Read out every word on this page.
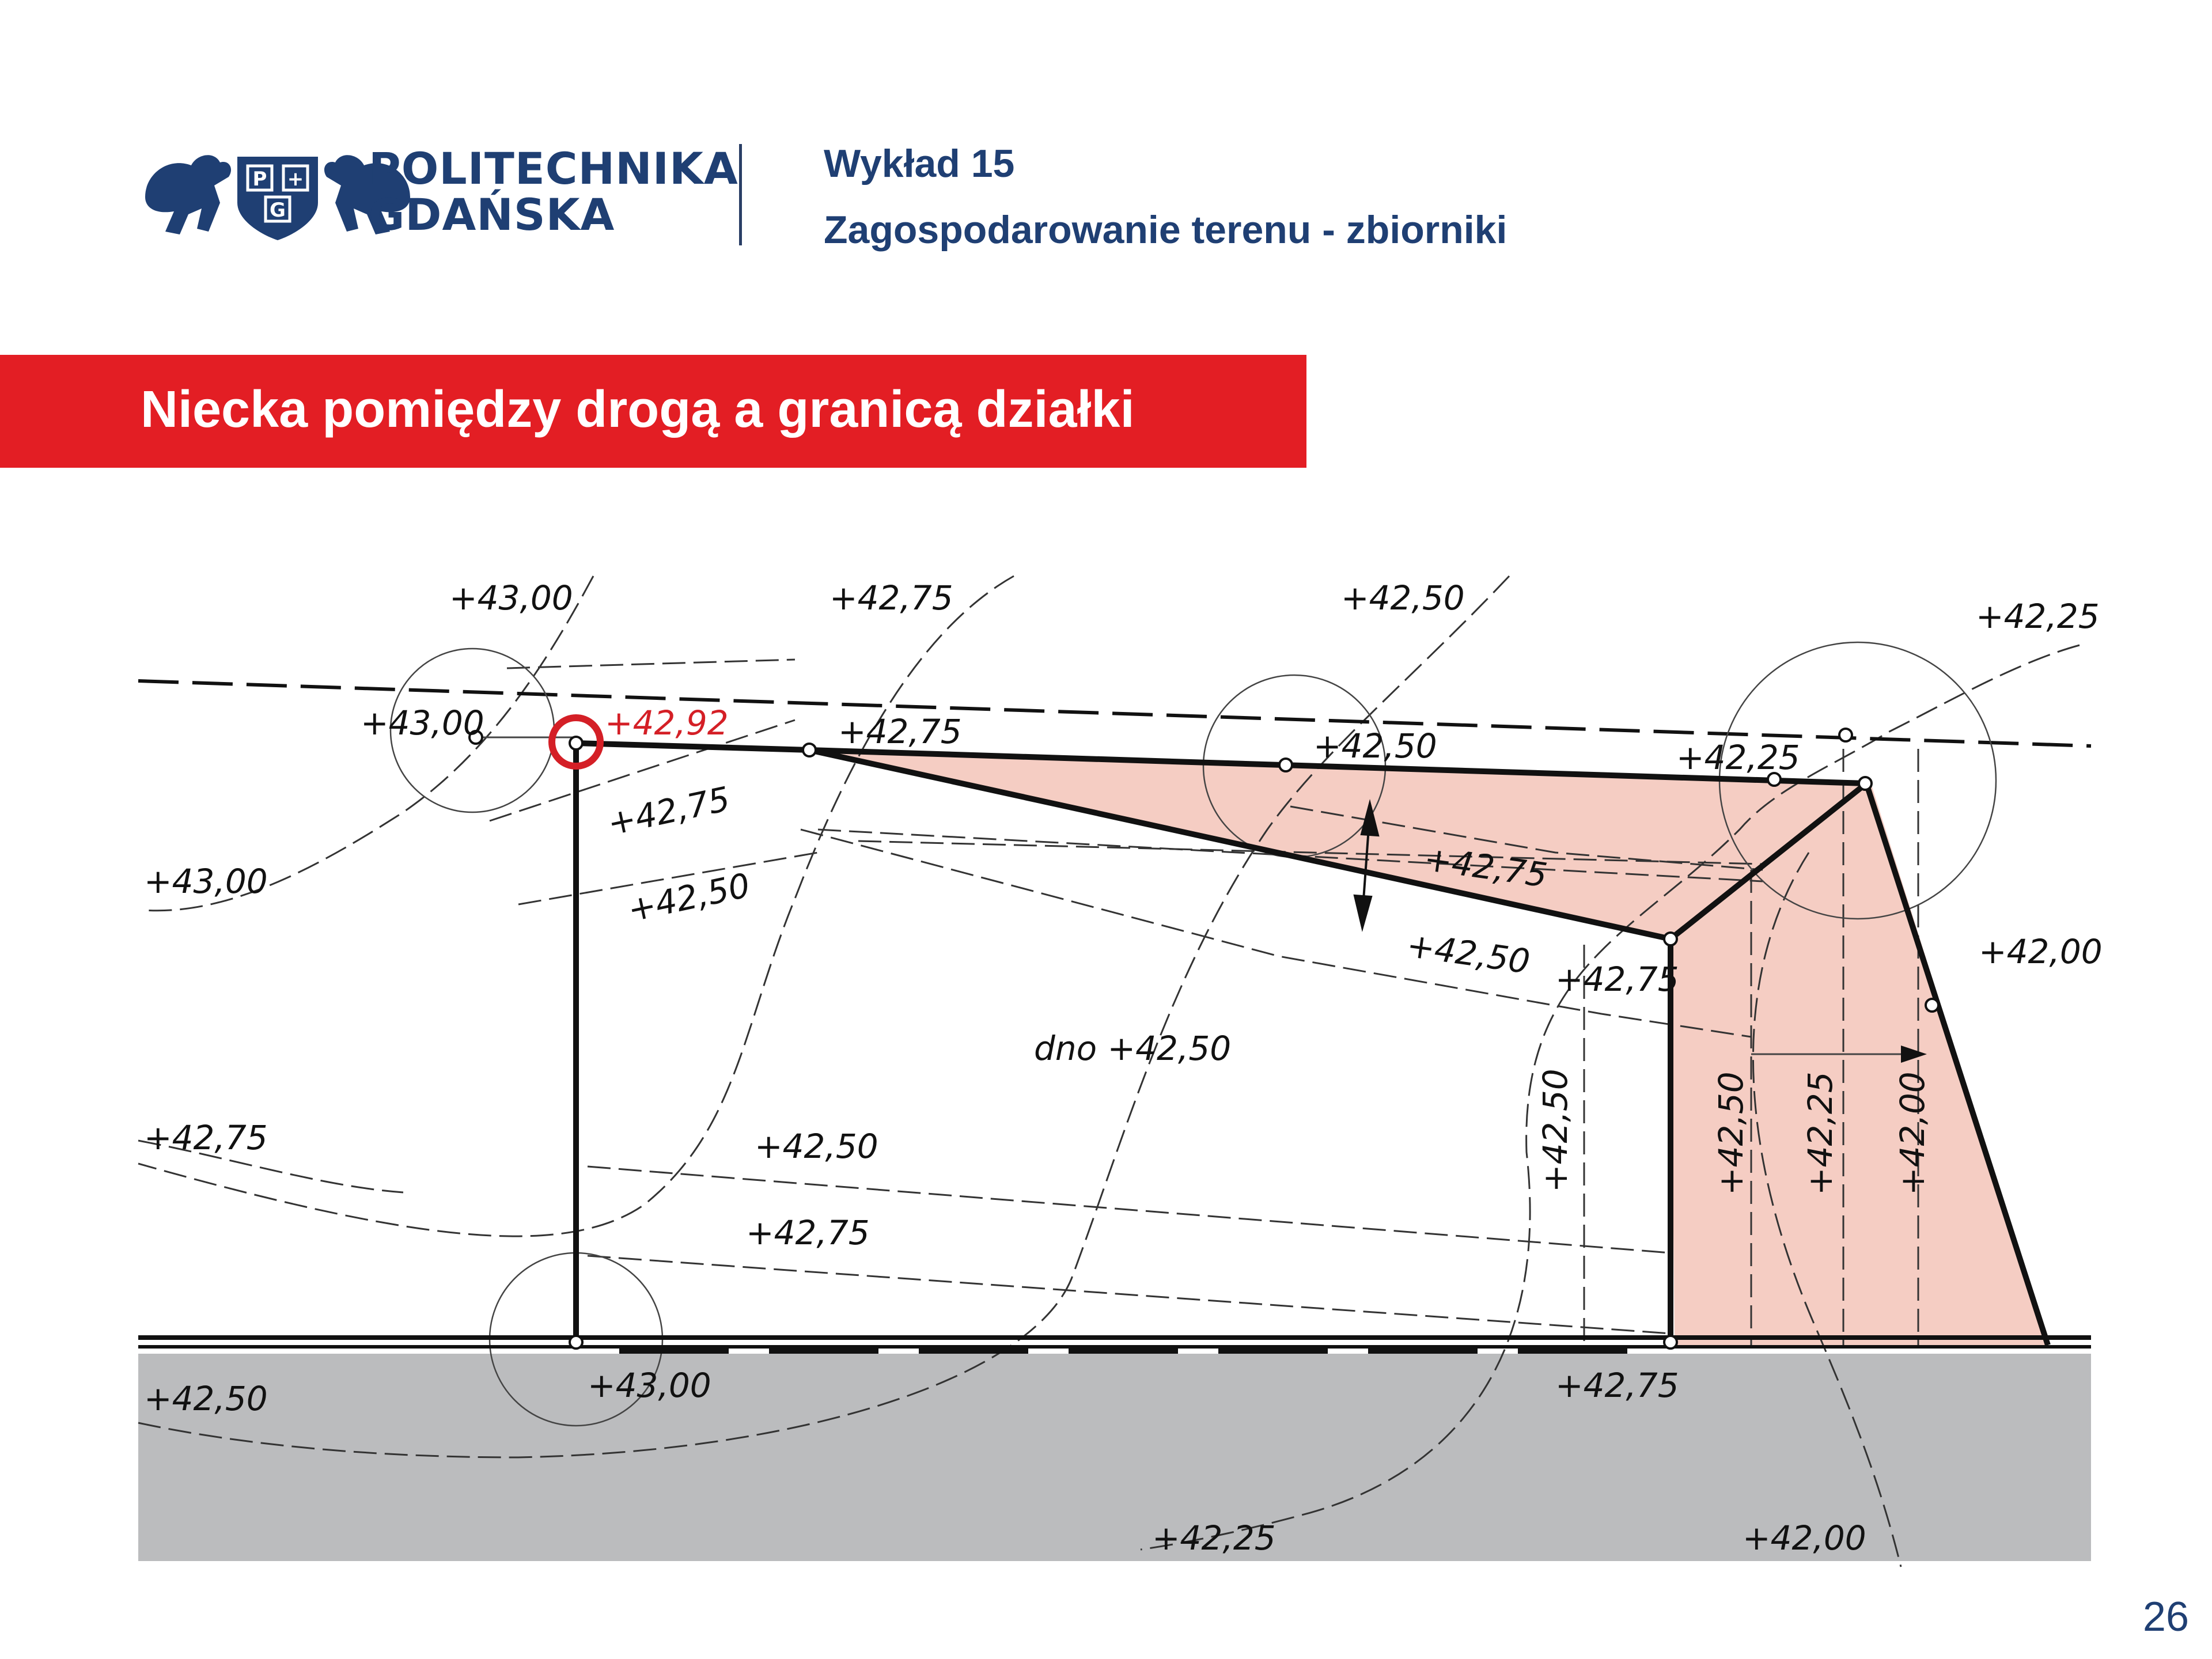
P
G
+ POLITECHNIKA
GDAŃSKA
Wykład 15
Zagospodarowanie terenu - zbiorniki
Niecka pomiędzy drogą a granicą działki
+43,00	+42,75	+42,50	+42,25
+43,00	+42,92	+42,75	+42,50	+42,25
+42,75
+42,50
+43,00	+42,75
+42,50 +42,75
+42,00
dno +42,50
+42,75	+42,50
+42,75
+42,50	+42,50 +42,25 +42,00
+42,50	+43,00	+42,75
+42,25	+42,00
26
